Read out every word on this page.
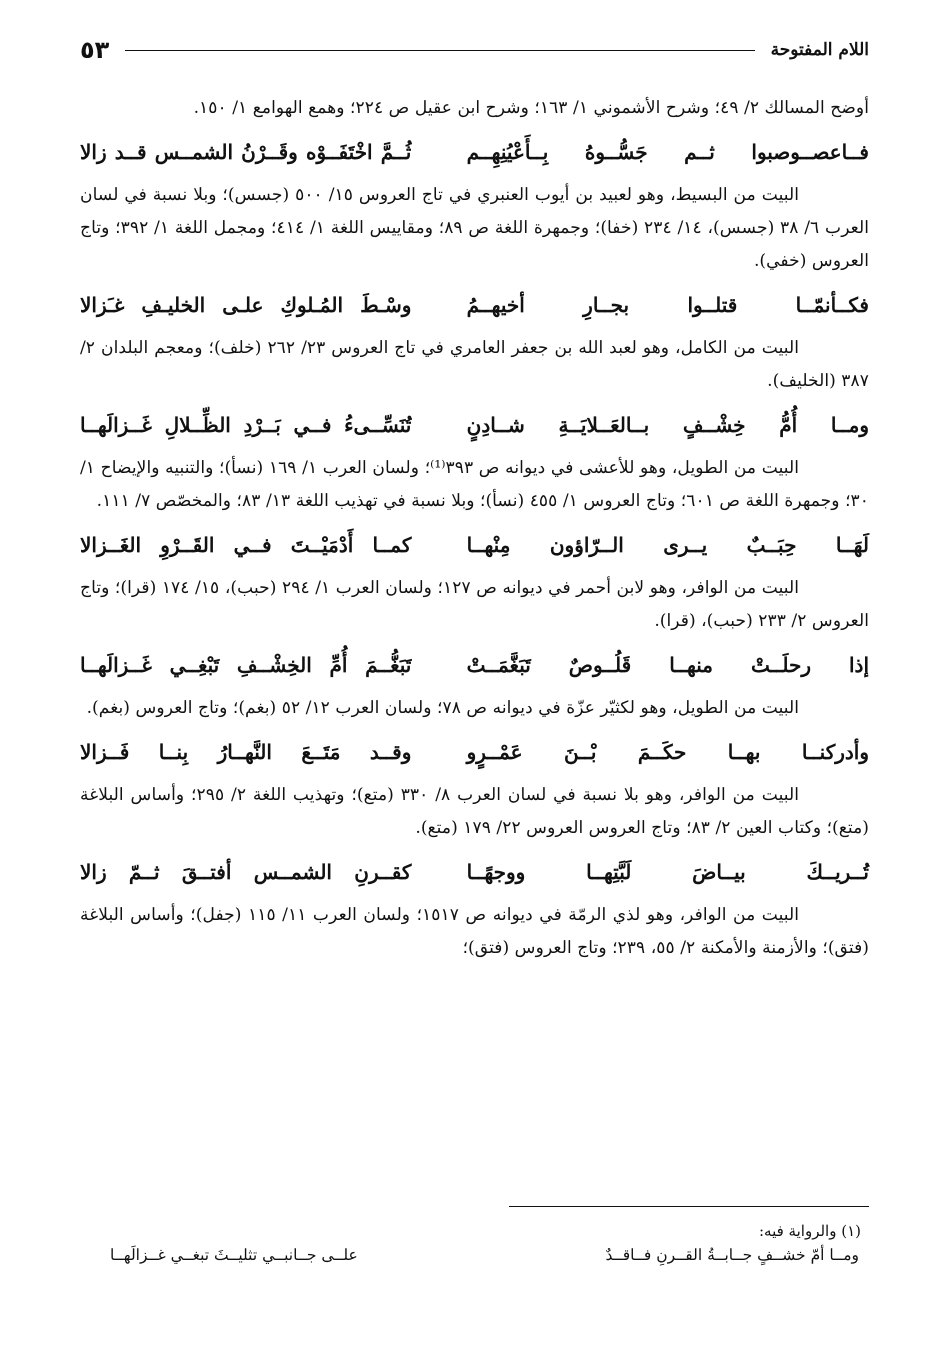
اللام المفتوحة
٥٣

أوضح المسالك ٢/ ٤٩؛ وشرح الأشموني ١/ ١٦٣؛ وشرح ابن عقيل ص ٢٢٤؛ وهمع الهوامع ١/ ١٥٠.

فــاعصــوصبوا ثــم جَسُّــوهُ بِــأَعْيُنِهِــم
ثُــمَّ اخْتَفَــوْه وقَــرْنُ الشمــس قــد زالا

البيت من البسيط، وهو لعبيد بن أيوب العنبري في تاج العروس ١٥/ ٥٠٠ (جسس)؛ وبلا نسبة في لسان العرب ٦/ ٣٨ (جسس)، ١٤/ ٢٣٤ (خفا)؛ وجمهرة اللغة ص ٨٩؛ ومقاييس اللغة ١/ ٤١٤؛ ومجمل اللغة ١/ ٣٩٢؛ وتاج العروس (خفي).

فكــأنمّــا قتلــوا بجــارِ أخيهــمُ
وسْـطَ المُـلوكِ علـى الخليـفِ غـَزالا

البيت من الكامل، وهو لعبد الله بن جعفر العامري في تاج العروس ٢٣/ ٢٦٢ (خلف)؛ ومعجم البلدان ٢/ ٣٨٧ (الخليف).

ومــا أُمُّ خِشْــفٍ بــالعَــلايَــةِ شــادِنٍ
تُنَسِّــىءُ فــي بَــرْدِ الظِّــلالِ غَــزالَهــا

البيت من الطويل، وهو للأعشى في ديوانه ص ٣٩٣⁽¹⁾؛ ولسان العرب ١/ ١٦٩ (نسأ)؛ والتنبيه والإيضاح ١/ ٣٠؛ وجمهرة اللغة ص ٦٠١؛ وتاج العروس ١/ ٤٥٥ (نسأ)؛ وبلا نسبة في تهذيب اللغة ١٣/ ٨٣؛ والمخصّص ٧/ ١١١.

لَهَــا حِبَــبٌ يــرى الــرّاؤون مِنْهــا
كمــا أَدْمَيْــتَ فــي القَــرْوِ الغَــزالا

البيت من الوافر، وهو لابن أحمر في ديوانه ص ١٢٧؛ ولسان العرب ١/ ٢٩٤ (حبب)، ١٥/ ١٧٤ (قرا)؛ وتاج العروس ٢/ ٢٣٣ (حبب)، (قرا).

إذا رحلَــتْ منهــا قَلُــوصٌ تَبَغَّمَــتْ
تَبَغُّــمَ أُمِّ الخِشْــفِ تَبْغِــي غَــزالَهــا

البيت من الطويل، وهو لكثيّر عزّة في ديوانه ص ٧٨؛ ولسان العرب ١٢/ ٥٢ (بغم)؛ وتاج العروس (بغم).

وأدركنــا بهــا حكَــمَ بْــنَ عَمْــرٍو
وقــد مَتَــعَ النَّهــارُ بِنــا فَــزالا

البيت من الوافر، وهو بلا نسبة في لسان العرب ٨/ ٣٣٠ (متع)؛ وتهذيب اللغة ٢/ ٢٩٥؛ وأساس البلاغة (متع)؛ وكتاب العين ٢/ ٨٣؛ وتاج العروس العروس ٢٢/ ١٧٩ (متع).

تُــريــكَ بيــاضَ لَبَّتِهــا ووجهًــا
كقــرنِ الشمــس أفتــقَ ثــمّ زالا

البيت من الوافر، وهو لذي الرمّة في ديوانه ص ١٥١٧؛ ولسان العرب ١١/ ١١٥ (جفل)؛ وأساس البلاغة (فتق)؛ والأزمنة والأمكنة ٢/ ٥٥، ٢٣٩؛ وتاج العروس (فتق)؛

(١) والرواية فيه:
ومــا أمّ خشــفٍ جــابــةُ القــرنِ فــاقــدٌ
علــى جــانبــي تثليــثَ تبغــي غــزالَهــا
